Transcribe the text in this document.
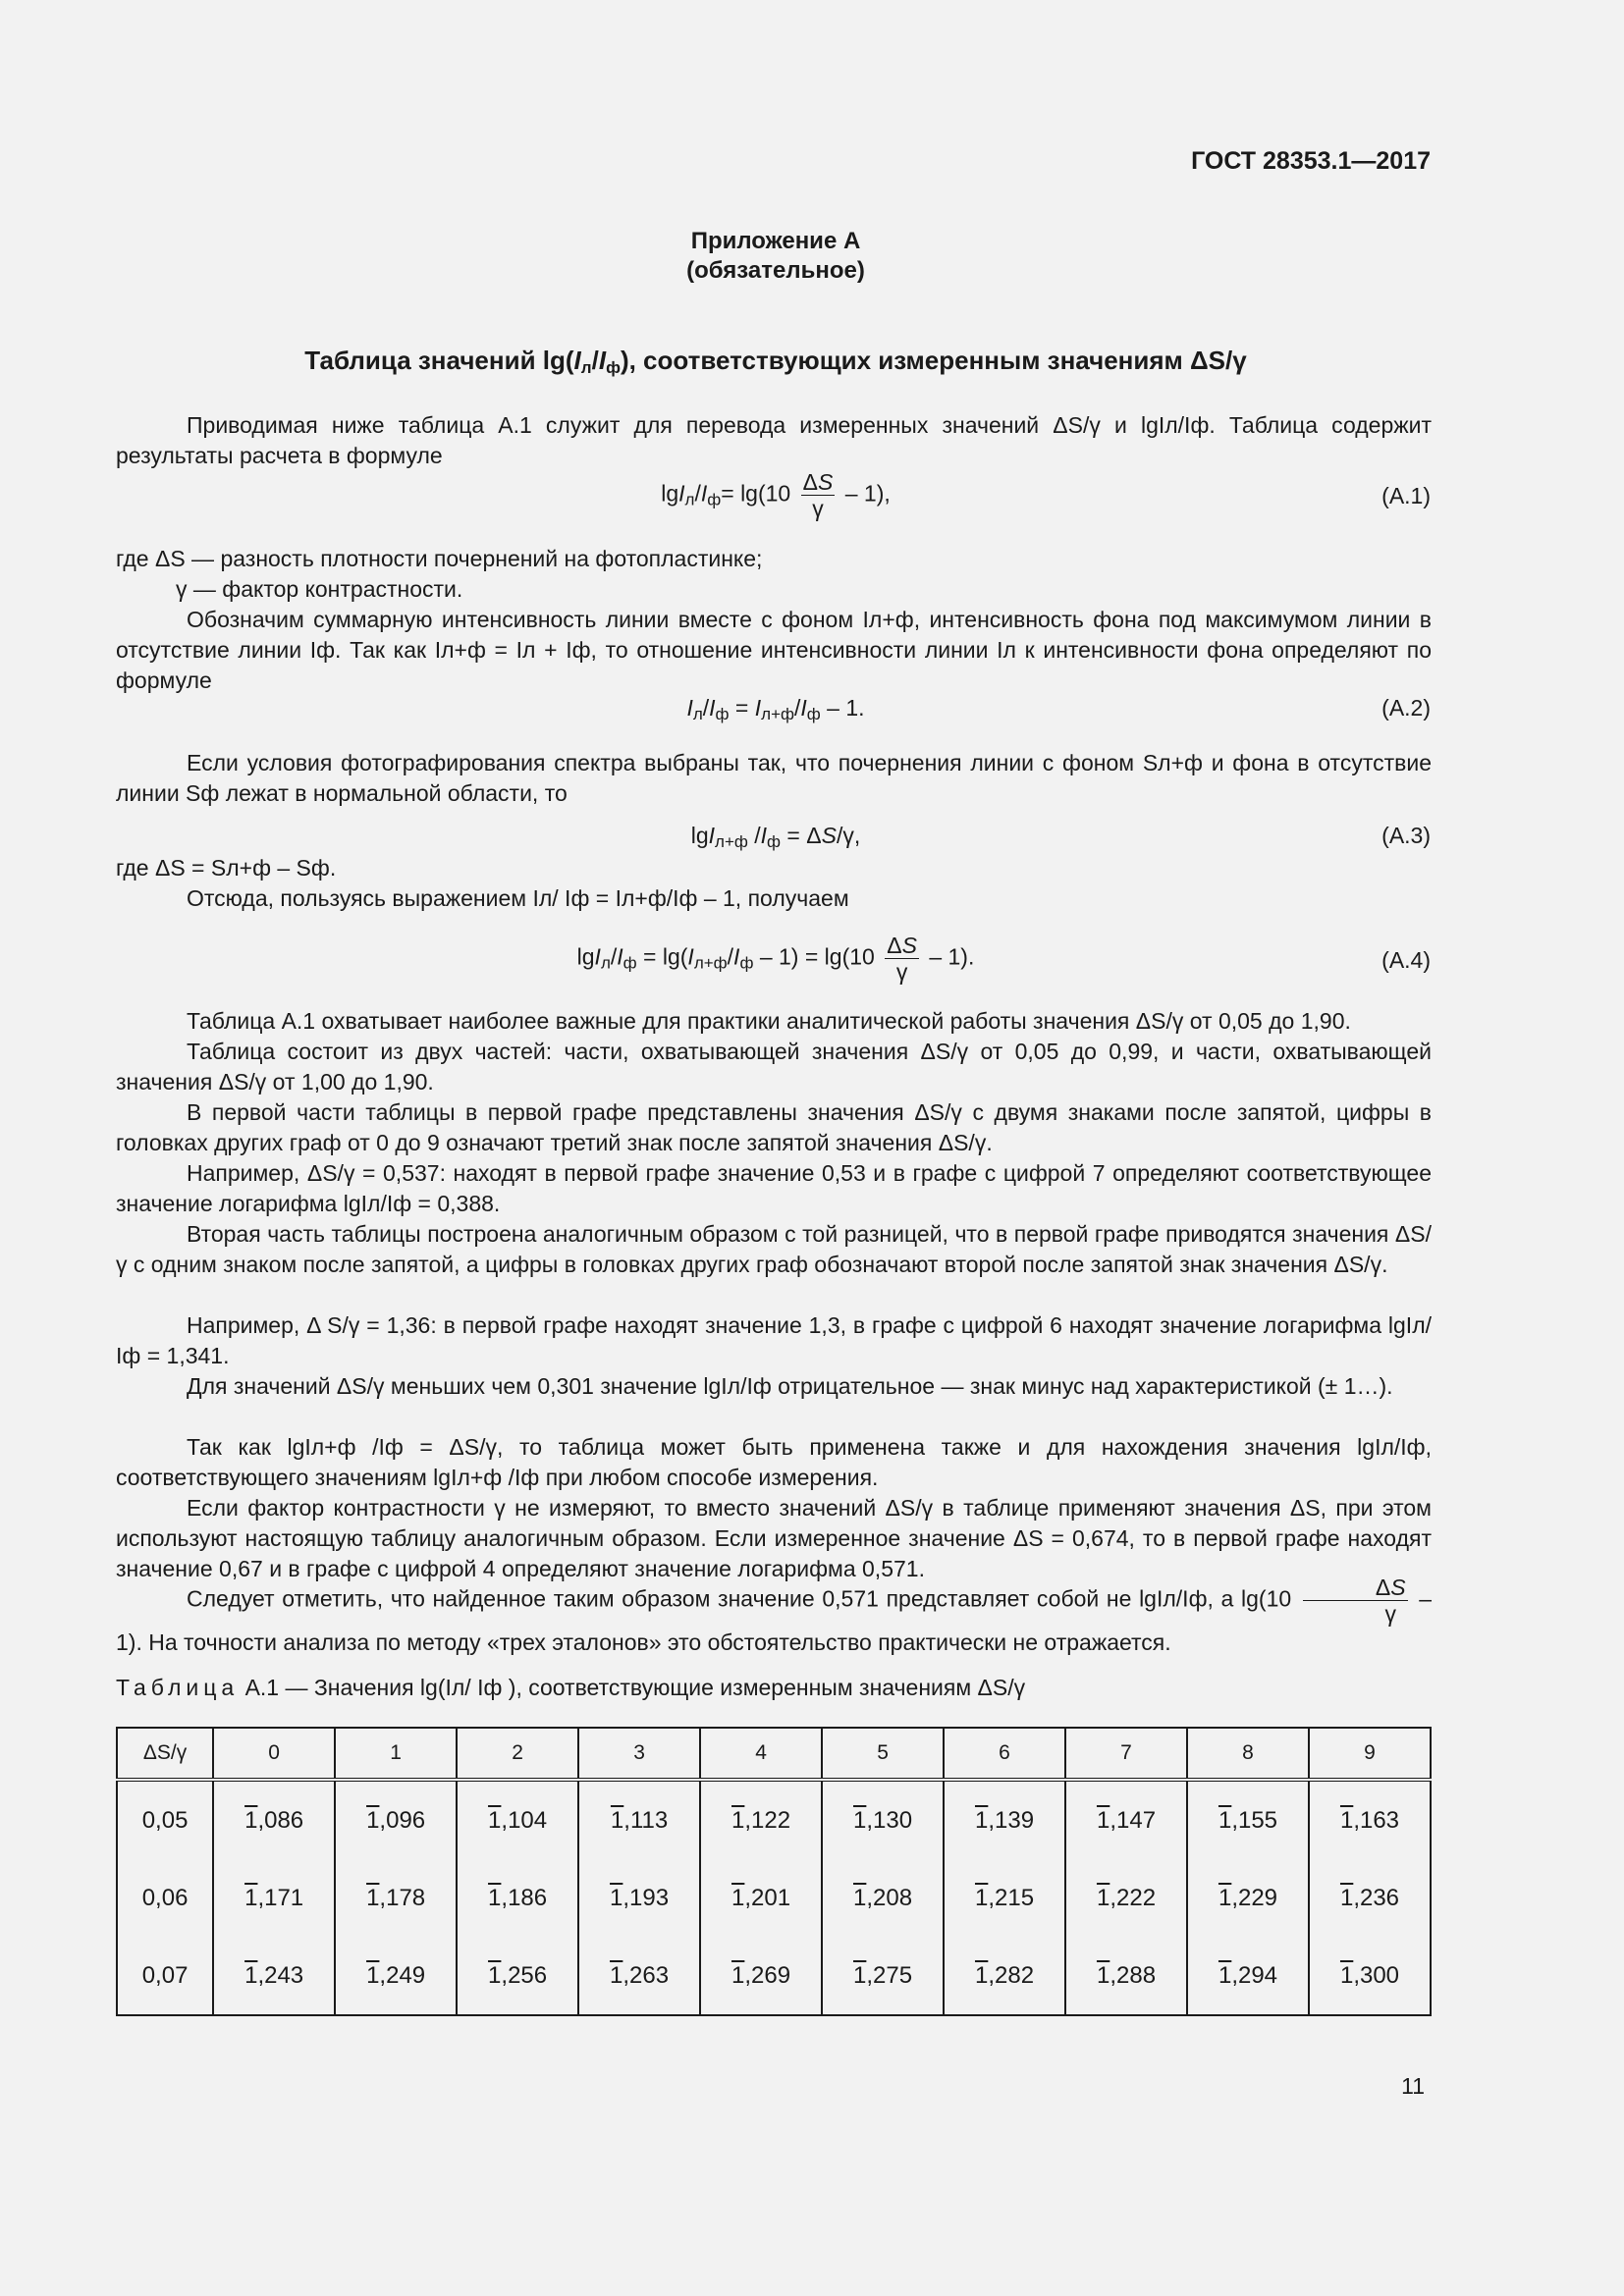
ГОСТ 28353.1—2017
Приложение А
(обязательное)
Таблица значений $\lg(I_л/I_ф)$, соответствующих измеренным значениям ΔS/γ
Приводимая ниже таблица А.1 служит для перевода измеренных значений ΔS/γ и lgIл/Iф. Таблица содержит результаты расчета в формуле
$\lg I_л/I_ф= \lg(10 \frac{\Delta S}{\gamma} - 1)$,	(А.1)
где ΔS — разность плотности почернений на фотопластинке;
γ — фактор контрастности.
Обозначим суммарную интенсивность линии вместе с фоном Iл+ф, интенсивность фона под максимумом линии в отсутствие линии Iф. Так как Iл+ф = Iл + Iф, то отношение интенсивности линии Iл к интенсивности фона определяют по формуле
$I_л/I_ф = I_{л+ф}/I_ф - 1$.	(А.2)
Если условия фотографирования спектра выбраны так, что почернения линии с фоном Sл+ф и фона в отсутствие линии Sф лежат в нормальной области, то
lgI$_{л+ф}$ $/I_ф = \Delta S/\gamma$,	(А.3)
где ΔS = Sл+ф – Sф.
Отсюда, пользуясь выражением Iл/ Iф = Iл+ф/Iф – 1, получаем
$\lg I_л/I_ф = \lg(I_{л+ф}/I_ф - 1) = \lg(10 \frac{\Delta S}{\gamma} - 1)$.	(А.4)
Таблица А.1 охватывает наиболее важные для практики аналитической работы значения ΔS/γ от 0,05 до 1,90.
Таблица состоит из двух частей: части, охватывающей значения ΔS/γ от 0,05 до 0,99, и части, охватывающей значения ΔS/γ от 1,00 до 1,90.
В первой части таблицы в первой графе представлены значения ΔS/γ с двумя знаками после запятой, цифры в головках других граф от 0 до 9 означают третий знак после запятой значения ΔS/γ.
Например, ΔS/γ = 0,537: находят в первой графе значение 0,53 и в графе с цифрой 7 определяют соответствующее значение логарифма lgIл/Iф = 0,388.
Вторая часть таблицы построена аналогичным образом с той разницей, что в первой графе приводятся значения ΔS/γ с одним знаком после запятой, а цифры в головках других граф обозначают второй после запятой знак значения ΔS/γ.
Например, Δ S/γ = 1,36: в первой графе находят значение 1,3, в графе с цифрой 6 находят значение логарифма lgIл/ Iф = 1,341.
Для значений ΔS/γ меньших чем 0,301 значение lgIл/Iф отрицательное — знак минус над характеристикой (± 1…).
Так как lgIл+ф /Iф = ΔS/γ, то таблица может быть применена также и для нахождения значения lgIл/Iф, соответствующего значениям lgIл+ф /Iф при любом способе измерения.
Если фактор контрастности γ не измеряют, то вместо значений ΔS/γ в таблице применяют значения ΔS, при этом используют настоящую таблицу аналогичным образом. Если измеренное значение ΔS = 0,674, то в первой графе находят значение 0,67 и в графе с цифрой 4 определяют значение логарифма 0,571.
Следует отметить, что найденное таким образом значение 0,571 представляет собой не lgIл/Iф, а $\lg(10 \frac{\Delta S}{\gamma} - 1)$. На точности анализа по методу «трех эталонов» это обстоятельство практически не отражается.
Таблица А.1 — Значения lg(Iл/ Iф ), соответствующие измеренным значениям ΔS/γ
ΔS/γ	0	1	2	3	4	5	6	7	8	9
0,05	1,086	1,096	1,104	1,113	1,122	1,130	1,139	1,147	1,155	1,163
0,06	1,171	1,178	1,186	1,193	1,201	1,208	1,215	1,222	1,229	1,236
0,07	1,243	1,249	1,256	1,263	1,269	1,275	1,282	1,288	1,294	1,300
11
